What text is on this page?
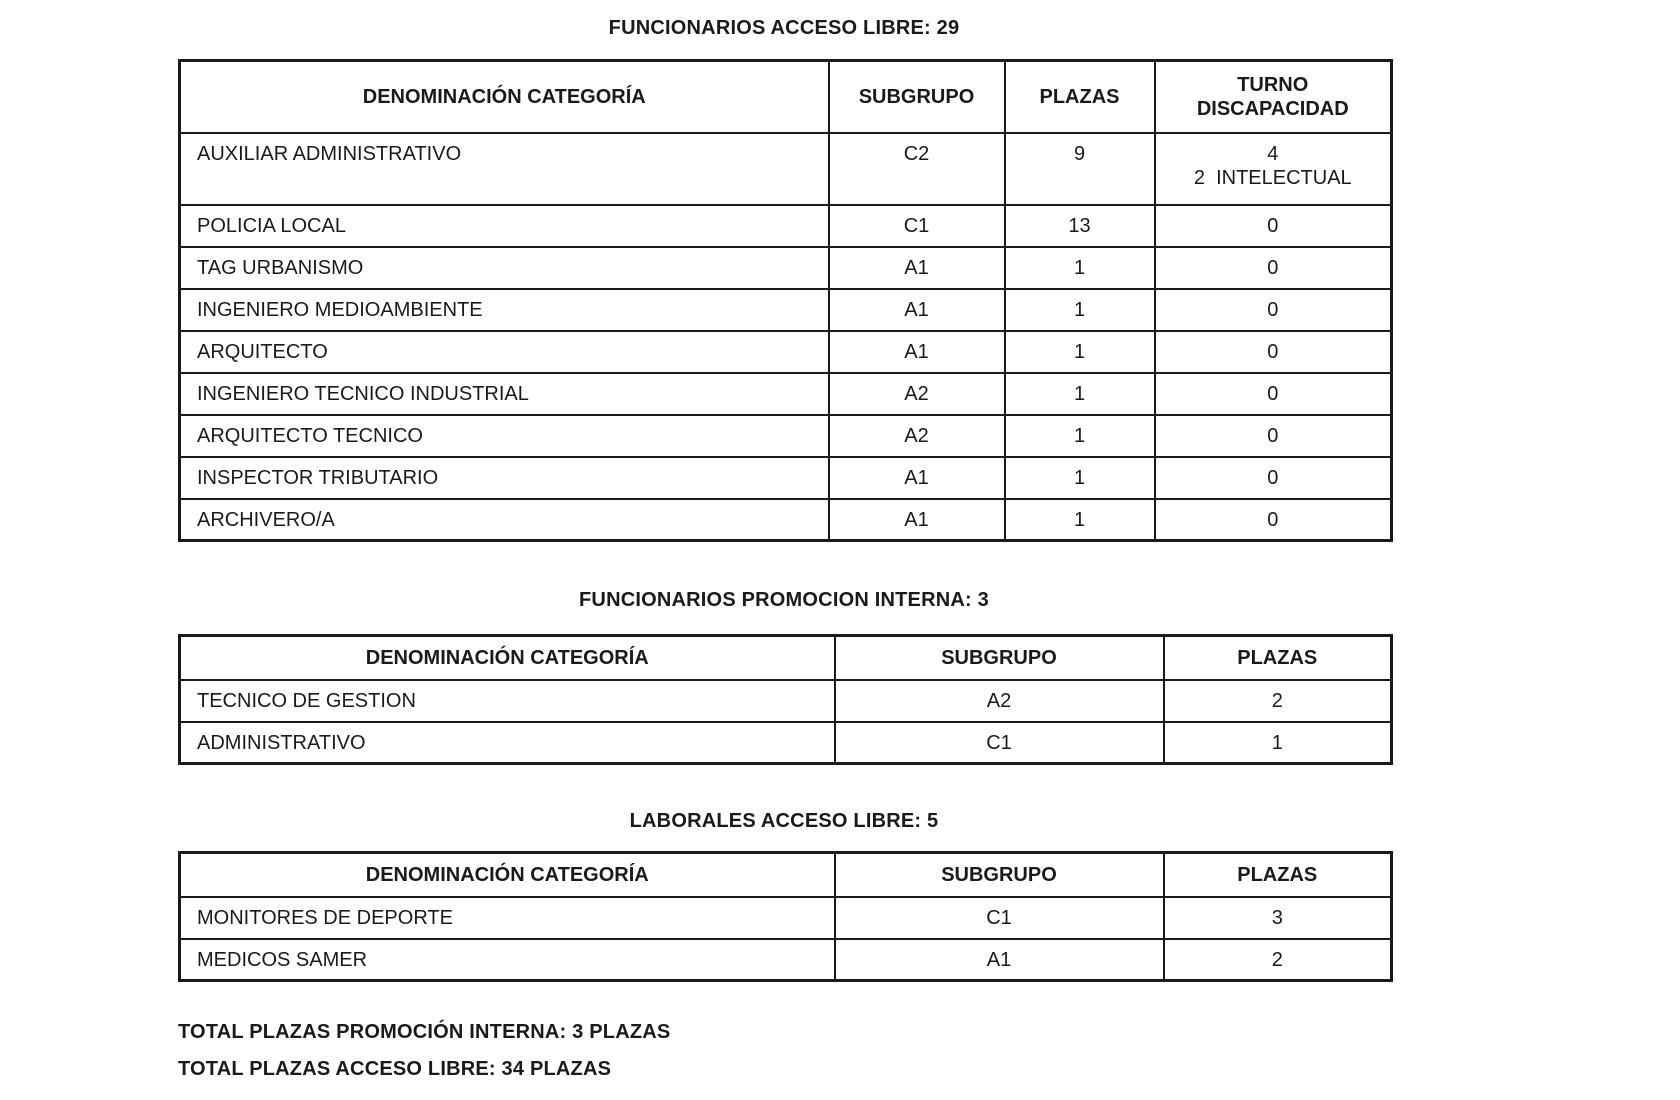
FUNCIONARIOS ACCESO LIBRE: 29
DENOMINACIÓN CATEGORÍA	SUBGRUPO	PLAZAS	TURNO
DISCAPACIDAD

AUXILIAR ADMINISTRATIVO	C2	9	4
2  INTELECTUAL

POLICIA LOCAL	C1	13	0
TAG URBANISMO	A1	1	0
INGENIERO MEDIOAMBIENTE	A1	1	0
ARQUITECTO	A1	1	0
INGENIERO TECNICO INDUSTRIAL	A2	1	0
ARQUITECTO TECNICO	A2	1	0
INSPECTOR TRIBUTARIO	A1	1	0
ARCHIVERO/A	A1	1	0
FUNCIONARIOS PROMOCION INTERNA: 3
DENOMINACIÓN CATEGORÍA	SUBGRUPO	PLAZAS
TECNICO DE GESTION	A2	2
ADMINISTRATIVO	C1	1
LABORALES ACCESO LIBRE: 5
DENOMINACIÓN CATEGORÍA	SUBGRUPO	PLAZAS
MONITORES DE DEPORTE	C1	3
MEDICOS SAMER	A1	2

TOTAL PLAZAS PROMOCIÓN INTERNA: 3 PLAZAS

TOTAL PLAZAS ACCESO LIBRE: 34 PLAZAS
